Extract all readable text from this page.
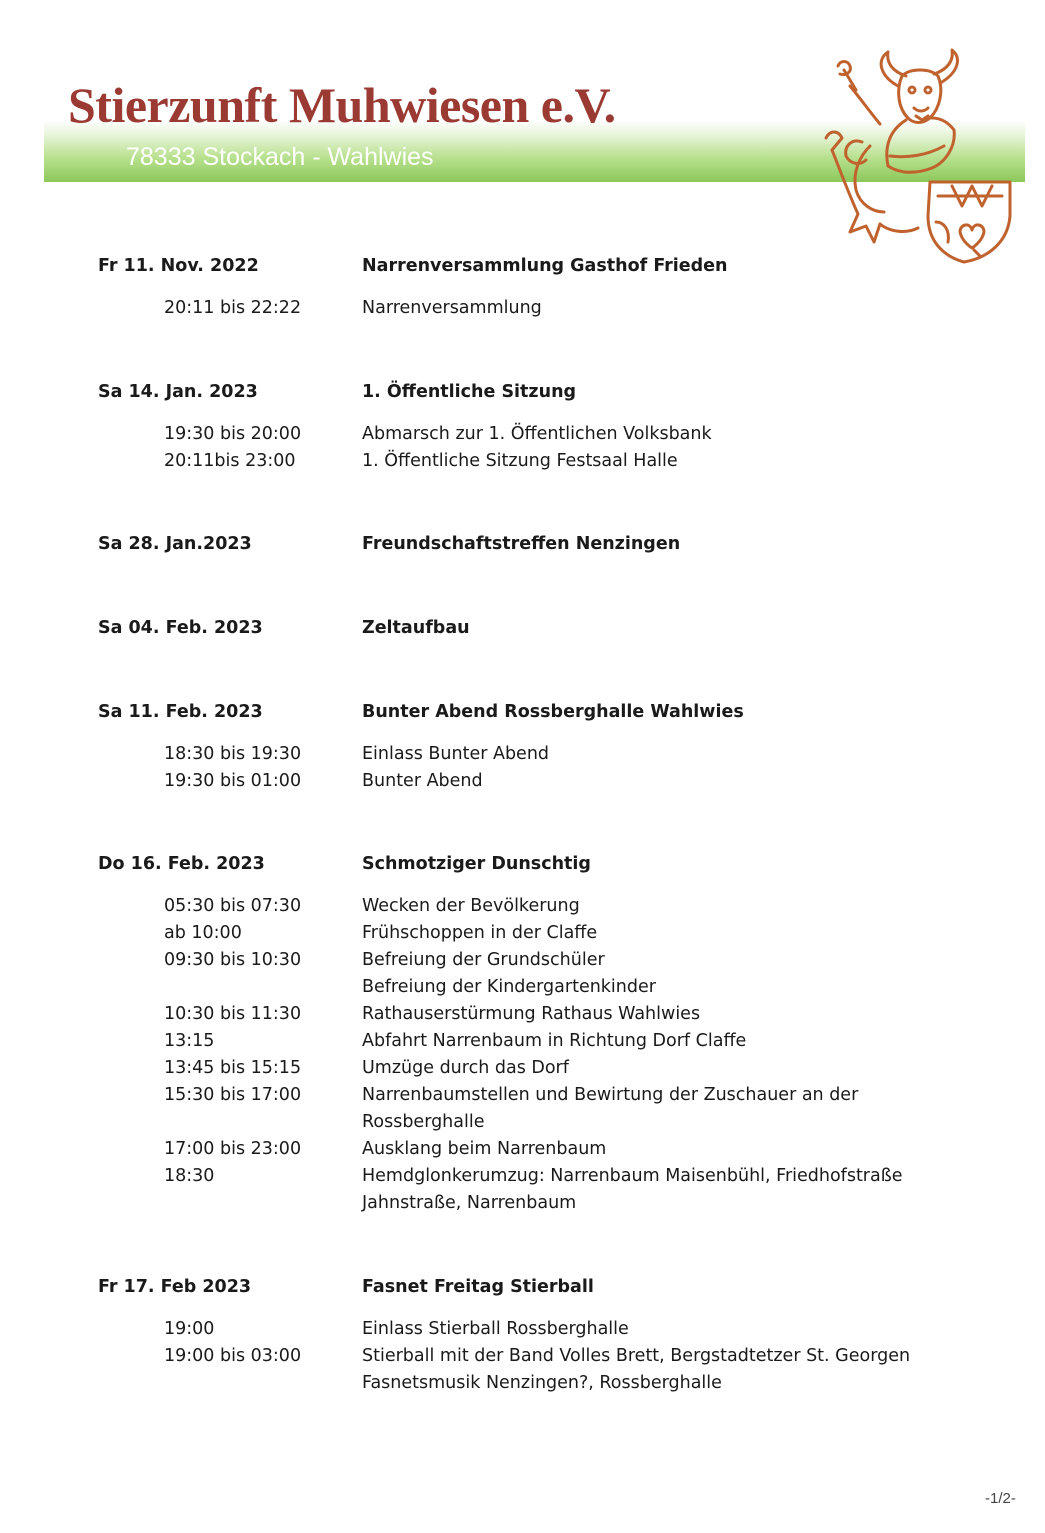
Stierzunft Muhwiesen e.V.
78333 Stockach - Wahlwies
Fr 11. Nov. 2022	Narrenversammlung Gasthof Frieden
20:11 bis 22:22	Narrenversammlung
Sa 14. Jan. 2023	1. Öffentliche Sitzung
19:30 bis 20:00	Abmarsch zur 1. Öffentlichen Volksbank
20:11bis 23:00	1. Öffentliche Sitzung Festsaal Halle
Sa 28. Jan.2023	Freundschaftstreffen Nenzingen
Sa 04. Feb. 2023	Zeltaufbau
Sa 11. Feb. 2023	Bunter Abend Rossberghalle Wahlwies
18:30 bis 19:30	Einlass Bunter Abend
19:30 bis 01:00	Bunter Abend
Do 16. Feb. 2023	Schmotziger Dunschtig
05:30 bis 07:30	Wecken der Bevölkerung
ab 10:00	Frühschoppen in der Claffe
09:30 bis 10:30	Befreiung der Grundschüler
Befreiung der Kindergartenkinder
10:30 bis 11:30	Rathauserstürmung Rathaus Wahlwies
13:15	Abfahrt Narrenbaum in Richtung Dorf Claffe
13:45 bis 15:15	Umzüge durch das Dorf
15:30 bis 17:00	Narrenbaumstellen und Bewirtung der Zuschauer an der
Rossberghalle
17:00 bis 23:00	Ausklang beim Narrenbaum
18:30	Hemdglonkerumzug: Narrenbaum Maisenbühl, Friedhofstraße
Jahnstraße, Narrenbaum
Fr 17. Feb 2023	Fasnet Freitag Stierball
19:00	Einlass Stierball Rossberghalle
19:00 bis 03:00	Stierball mit der Band Volles Brett, Bergstadtetzer St. Georgen
Fasnetsmusik Nenzingen?, Rossberghalle
-1/2-
